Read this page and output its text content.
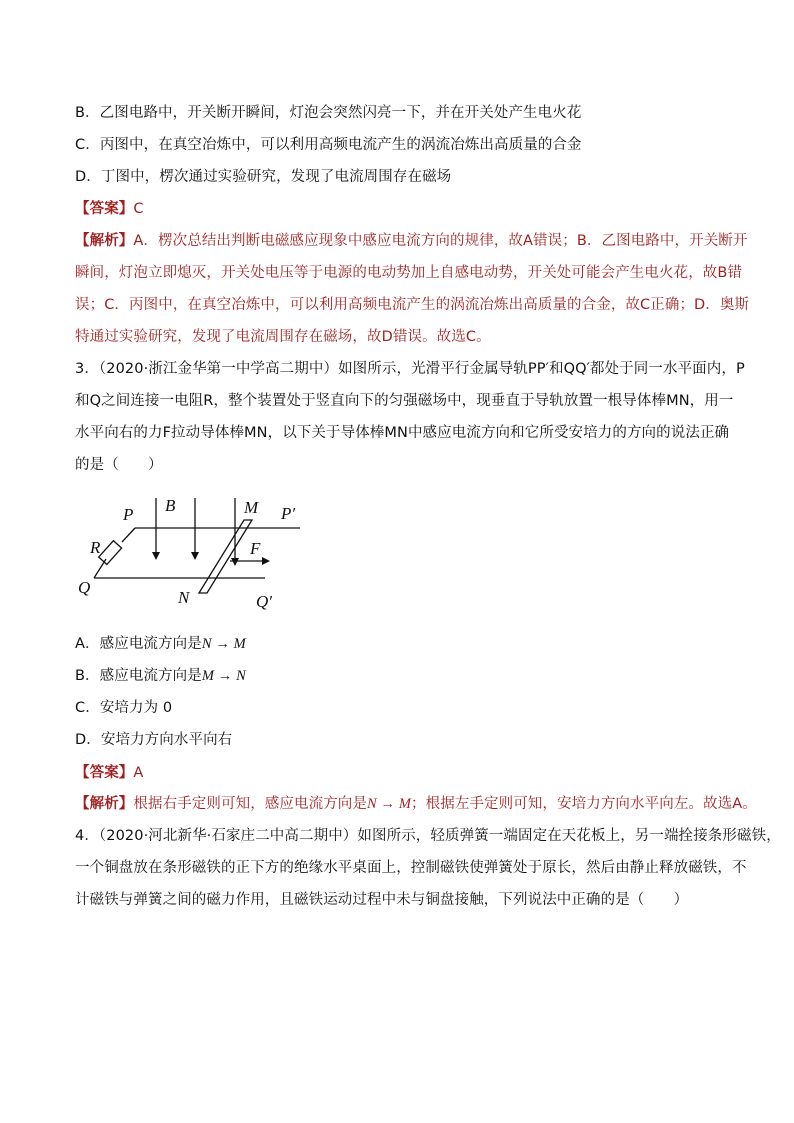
B．乙图电路中，开关断开瞬间，灯泡会突然闪亮一下，并在开关处产生电火花
C．丙图中，在真空冶炼中，可以利用高频电流产生的涡流冶炼出高质量的合金
D．丁图中，楞次通过实验研究，发现了电流周围存在磁场
【答案】C
【解析】A．楞次总结出判断电磁感应现象中感应电流方向的规律，故A错误；B．乙图电路中，开关断开
瞬间，灯泡立即熄灭，开关处电压等于电源的电动势加上自感电动势，开关处可能会产生电火花，故B错
误；C．丙图中，在真空冶炼中，可以利用高频电流产生的涡流冶炼出高质量的合金，故C正确；D．奥斯
特通过实验研究，发现了电流周围存在磁场，故D错误。故选C。
3．（2020·浙江金华第一中学高二期中）如图所示，光滑平行金属导轨PP′和QQ′都处于同一水平面内，P
和Q之间连接一电阻R，整个装置处于竖直向下的匀强磁场中，现垂直于导轨放置一根导体棒MN，用一
水平向右的力F拉动导体棒MN，以下关于导体棒MN中感应电流方向和它所受安培力的方向的说法正确
的是（　　）
P B	M P′
R	F
Q
N	Q′
A．感应电流方向是N → M
B．感应电流方向是M → N
C．安培力为 0
D．安培力方向水平向右
【答案】A
【解析】根据右手定则可知，感应电流方向是N → M；根据左手定则可知，安培力方向水平向左。故选A。
4．（2020·河北新华·石家庄二中高二期中）如图所示，轻质弹簧一端固定在天花板上，另一端拴接条形磁铁，
一个铜盘放在条形磁铁的正下方的绝缘水平桌面上，控制磁铁使弹簧处于原长，然后由静止释放磁铁，不
计磁铁与弹簧之间的磁力作用，且磁铁运动过程中未与铜盘接触，下列说法中正确的是（　　）
